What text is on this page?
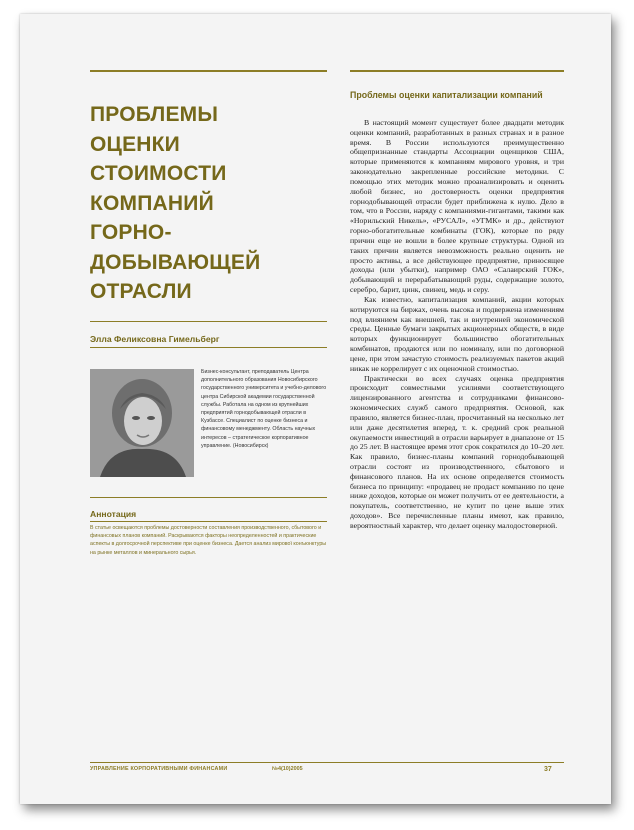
ПРОБЛЕМЫ
ОЦЕНКИ
СТОИМОСТИ
КОМПАНИЙ
ГОРНО-
ДОБЫВАЮЩЕЙ
ОТРАСЛИ

Элла Феликсовна Гимельберг

Бизнес-консультант, преподаватель Центра дополнительного образования Новосибирского государственного университета и учебно-делового центра Сибирской академии государственной службы. Работала на одном из крупнейших предприятий горнодобывающей отрасли в Кузбассе. Специалист по оценке бизнеса и финансовому менеджменту. Область научных интересов – стратегическое корпоративное управление. (Новосибирск)

Аннотация

В статье освещаются проблемы достоверности составления производственного, сбытового и финансовых планов компаний. Раскрываются факторы неопределенностей и практические аспекты в долгосрочной перспективе при оценке бизнеса. Дается анализ мирової конъюнктуры на рынке металлов и минерального сырья.

Проблемы оценки капитализации компаний

В настоящий момент существует более двадцати методик оценки компаний, разработанных в разных странах и в разное время. В России используются преимущественно общепризнанные стандарты Ассоциации оценщиков США, которые применяются к компаниям мирового уровня, и три законодательно закрепленные российские методики. С помощью этих методик можно проанализировать и оценить любой бизнес, но достоверность оценки предприятия горнодобывающей отрасли будет приближена к нулю. Дело в том, что в России, наряду с компаниями-гигантами, такими как «Норильский Никель», «РУСАЛ», «УГМК» и др., действуют горно-обогатительные комбинаты (ГОК), которые по ряду причин еще не вошли в более крупные структуры. Одной из таких причин является невозможность реально оценить не просто активы, а все действующее предприятие, приносящее доходы (или убытки), например ОАО «Салаирский ГОК», добывающий и перерабатывающий руды, содержащие золото, серебро, барит, цинк, свинец, медь и серу.

Как известно, капитализация компаний, акции которых котируются на биржах, очень высока и подвержена изменениям под влиянием как внешней, так и внутренней экономической среды. Ценные бумаги закрытых акционерных обществ, в виде которых функционирует большинство обогатительных комбинатов, продаются или по номиналу, или по договорной цене, при этом зачастую стоимость реализуемых пакетов акций никак не коррелирует с их оценочной стоимостью.

Практически во всех случаях оценка предприятия происходит совместными усилиями соответствующего лицензированного агентства и сотрудниками финансово-экономических служб самого предприятия. Основой, как правило, является бизнес-план, просчитанный на несколько лет или даже десятилетия вперед, т. к. средний срок реальной окупаемости инвестиций в отрасли варьирует в диапазоне от 15 до 25 лет. В настоящее время этот срок сократился до 10–20 лет. Как правило, бизнес-планы компаний горнодобывающей отрасли состоят из производственного, сбытового и финансового планов. На их основе определяется стоимость бизнеса по принципу: «продавец не продаст компанию по цене ниже доходов, которые он может получить от ее деятельности, а покупатель, соответственно, не купит по цене выше этих доходов». Все перечисленные планы имеют, как правило, вероятностный характер, что делает оценку малодостоверной.

УПРАВЛЕНИЕ КОРПОРАТИВНЫМИ ФИНАНСАМИ	№4(10)2005	37
